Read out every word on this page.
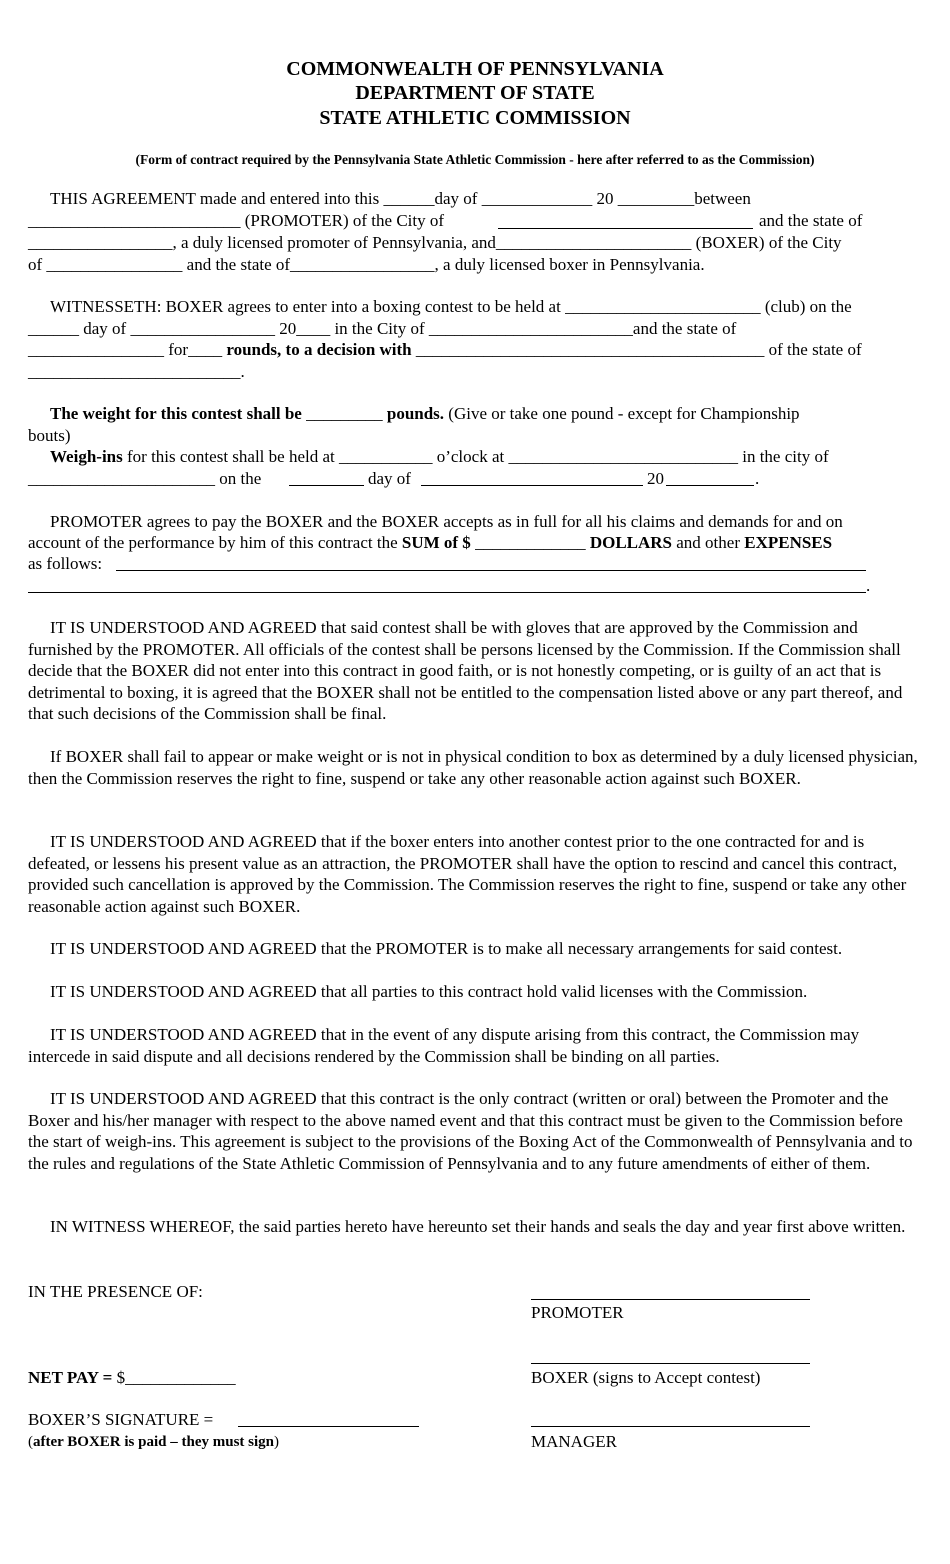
COMMONWEALTH OF PENNSYLVANIA
DEPARTMENT OF STATE
STATE ATHLETIC COMMISSION
(Form of contract required by the Pennsylvania State Athletic Commission - here after referred to as the Commission)
THIS AGREEMENT made and entered into this ______day of _____________ 20 _________between
_________________________ (PROMOTER) of the City of	and the state of
_________________, a duly licensed promoter of Pennsylvania, and_______________________ (BOXER) of the City
of ________________ and the state of_________________, a duly licensed boxer in Pennsylvania.
WITNESSETH: BOXER agrees to enter into a boxing contest to be held at _______________________ (club) on the
______ day of _________________ 20____ in the City of ________________________and the state of
________________ for____ rounds, to a decision with _________________________________________ of the state of
_________________________.
The weight for this contest shall be _________ pounds. (Give or take one pound - except for Championship
bouts)
Weigh-ins for this contest shall be held at ___________ o’clock at ___________________________ in the city of
______________________ on the	day of	20	.
PROMOTER agrees to pay the BOXER and the BOXER accepts as in full for all his claims and demands for and on
account of the performance by him of this contract the SUM of $ _____________ DOLLARS and other EXPENSES
as follows:
.
IT IS UNDERSTOOD AND AGREED that said contest shall be with gloves that are approved by the Commission and furnished by the PROMOTER. All officials of the contest shall be persons licensed by the Commission. If the Commission shall decide that the BOXER did not enter into this contract in good faith, or is not honestly competing, or is guilty of an act that is detrimental to boxing, it is agreed that the BOXER shall not be entitled to the compensation listed above or any part thereof, and that such decisions of the Commission shall be final.
If BOXER shall fail to appear or make weight or is not in physical condition to box as determined by a duly licensed physician, then the Commission reserves the right to fine, suspend or take any other reasonable action against such BOXER.
IT IS UNDERSTOOD AND AGREED that if the boxer enters into another contest prior to the one contracted for and is defeated, or lessens his present value as an attraction, the PROMOTER shall have the option to rescind and cancel this contract, provided such cancellation is approved by the Commission. The Commission reserves the right to fine, suspend or take any other reasonable action against such BOXER.
IT IS UNDERSTOOD AND AGREED that the PROMOTER is to make all necessary arrangements for said contest.
IT IS UNDERSTOOD AND AGREED that all parties to this contract hold valid licenses with the Commission.
IT IS UNDERSTOOD AND AGREED that in the event of any dispute arising from this contract, the Commission may intercede in said dispute and all decisions rendered by the Commission shall be binding on all parties.
IT IS UNDERSTOOD AND AGREED that this contract is the only contract (written or oral) between the Promoter and the Boxer and his/her manager with respect to the above named event and that this contract must be given to the Commission before the start of weigh-ins. This agreement is subject to the provisions of the Boxing Act of the Commonwealth of Pennsylvania and to the rules and regulations of the State Athletic Commission of Pennsylvania and to any future amendments of either of them.
IN WITNESS WHEREOF, the said parties hereto have hereunto set their hands and seals the day and year first above written.
IN THE PRESENCE OF:
PROMOTER
NET PAY = $_____________	BOXER (signs to Accept contest)
BOXER’S SIGNATURE =
(after BOXER is paid – they must sign)	MANAGER
